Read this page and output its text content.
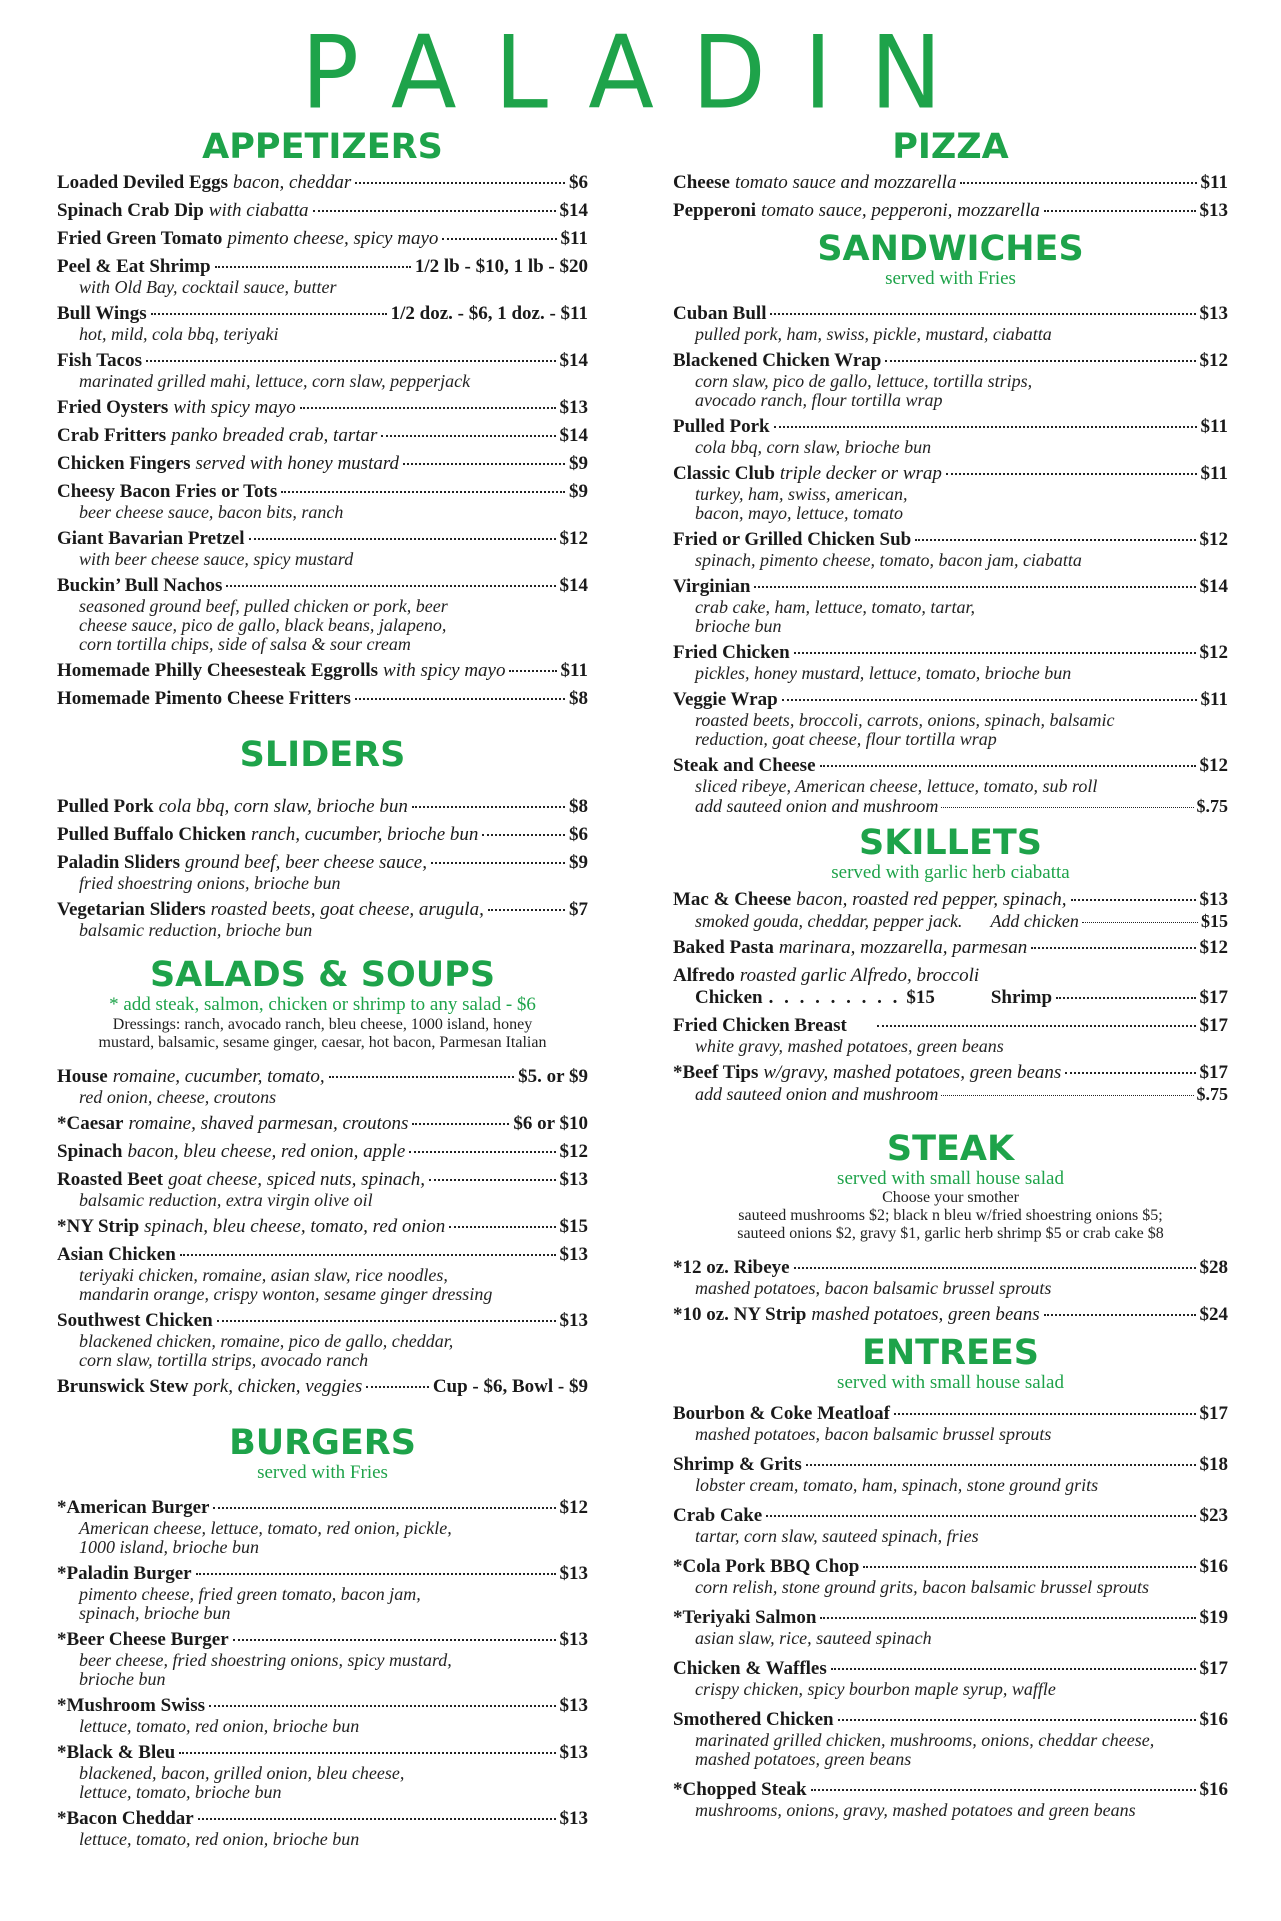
PALADIN
APPETIZERS
Loaded Deviled Eggs bacon, cheddar	$6
Spinach Crab Dip with ciabatta	$14
Fried Green Tomato pimento cheese, spicy mayo	$11
Peel & Eat Shrimp	1/2 lb - $10, 1 lb - $20
with Old Bay, cocktail sauce, butter
Bull Wings	1/2 doz. - $6, 1 doz. - $11
hot, mild, cola bbq, teriyaki
Fish Tacos	$14
marinated grilled mahi, lettuce, corn slaw, pepperjack
Fried Oysters with spicy mayo	$13
Crab Fritters panko breaded crab, tartar	$14
Chicken Fingers served with honey mustard	$9
Cheesy Bacon Fries or Tots	$9
beer cheese sauce, bacon bits, ranch
Giant Bavarian Pretzel	$12
with beer cheese sauce, spicy mustard
Buckin’ Bull Nachos	$14
seasoned ground beef, pulled chicken or pork, beer
cheese sauce, pico de gallo, black beans, jalapeno,
corn tortilla chips, side of salsa & sour cream
Homemade Philly Cheesesteak Eggrolls with spicy mayo	$11
Homemade Pimento Cheese Fritters	$8
SLIDERS
Pulled Pork cola bbq, corn slaw, brioche bun	$8
Pulled Buffalo Chicken ranch, cucumber, brioche bun	$6
Paladin Sliders ground beef, beer cheese sauce,	$9
fried shoestring onions, brioche bun
Vegetarian Sliders roasted beets, goat cheese, arugula,	$7
balsamic reduction, brioche bun
SALADS & SOUPS
* add steak, salmon, chicken or shrimp to any salad - $6
Dressings: ranch, avocado ranch, bleu cheese, 1000 island, honey
mustard, balsamic, sesame ginger, caesar, hot bacon, Parmesan Italian
House romaine, cucumber, tomato,	$5. or $9
red onion, cheese, croutons
*Caesar romaine, shaved parmesan, croutons	$6 or $10
Spinach bacon, bleu cheese, red onion, apple	$12
Roasted Beet goat cheese, spiced nuts, spinach,	$13
balsamic reduction, extra virgin olive oil
*NY Strip spinach, bleu cheese, tomato, red onion	$15
Asian Chicken	$13
teriyaki chicken, romaine, asian slaw, rice noodles,
mandarin orange, crispy wonton, sesame ginger dressing
Southwest Chicken	$13
blackened chicken, romaine, pico de gallo, cheddar,
corn slaw, tortilla strips, avocado ranch
Brunswick Stew pork, chicken, veggies	Cup - $6, Bowl - $9
BURGERS
served with Fries
*American Burger	$12
American cheese, lettuce, tomato, red onion, pickle,
1000 island, brioche bun
*Paladin Burger	$13
pimento cheese, fried green tomato, bacon jam,
spinach, brioche bun
*Beer Cheese Burger	$13
beer cheese, fried shoestring onions, spicy mustard,
brioche bun
*Mushroom Swiss	$13
lettuce, tomato, red onion, brioche bun
*Black & Bleu	$13
blackened, bacon, grilled onion, bleu cheese,
lettuce, tomato, brioche bun
*Bacon Cheddar	$13
lettuce, tomato, red onion, brioche bun
PIZZA
Cheese tomato sauce and mozzarella	$11
Pepperoni tomato sauce, pepperoni, mozzarella	$13
SANDWICHES
served with Fries
Cuban Bull	$13
pulled pork, ham, swiss, pickle, mustard, ciabatta
Blackened Chicken Wrap	$12
corn slaw, pico de gallo, lettuce, tortilla strips,
avocado ranch, flour tortilla wrap
Pulled Pork	$11
cola bbq, corn slaw, brioche bun
Classic Club triple decker or wrap	$11
turkey, ham, swiss, american,
bacon, mayo, lettuce, tomato
Fried or Grilled Chicken Sub	$12
spinach, pimento cheese, tomato, bacon jam, ciabatta
Virginian	$14
crab cake, ham, lettuce, tomato, tartar,
brioche bun
Fried Chicken	$12
pickles, honey mustard, lettuce, tomato, brioche bun
Veggie Wrap	$11
roasted beets, broccoli, carrots, onions, spinach, balsamic
reduction, goat cheese, flour tortilla wrap
Steak and Cheese	$12
sliced ribeye, American cheese, lettuce, tomato, sub roll
add sauteed onion and mushroom	$.75
SKILLETS
served with garlic herb ciabatta
Mac & Cheese bacon, roasted red pepper, spinach,	$13
smoked gouda, cheddar, pepper jack. Add chicken	$15
Baked Pasta marinara, mozzarella, parmesan	$12
Alfredo roasted garlic Alfredo, broccoli
Chicken . . . . . . . . . $15	Shrimp	$17
Fried Chicken Breast	$17
white gravy, mashed potatoes, green beans
*Beef Tips w/gravy, mashed potatoes, green beans	$17
add sauteed onion and mushroom	$.75
STEAK
served with small house salad
Choose your smother
sauteed mushrooms $2; black n bleu w/fried shoestring onions $5;
sauteed onions $2, gravy $1, garlic herb shrimp $5 or crab cake $8
*12 oz. Ribeye	$28
mashed potatoes, bacon balsamic brussel sprouts
*10 oz. NY Strip mashed potatoes, green beans	$24
ENTREES
served with small house salad
Bourbon & Coke Meatloaf	$17
mashed potatoes, bacon balsamic brussel sprouts
Shrimp & Grits	$18
lobster cream, tomato, ham, spinach, stone ground grits
Crab Cake	$23
tartar, corn slaw, sauteed spinach, fries
*Cola Pork BBQ Chop	$16
corn relish, stone ground grits, bacon balsamic brussel sprouts
*Teriyaki Salmon	$19
asian slaw, rice, sauteed spinach
Chicken & Waffles	$17
crispy chicken, spicy bourbon maple syrup, waffle
Smothered Chicken	$16
marinated grilled chicken, mushrooms, onions, cheddar cheese,
mashed potatoes, green beans
*Chopped Steak	$16
mushrooms, onions, gravy, mashed potatoes and green beans
